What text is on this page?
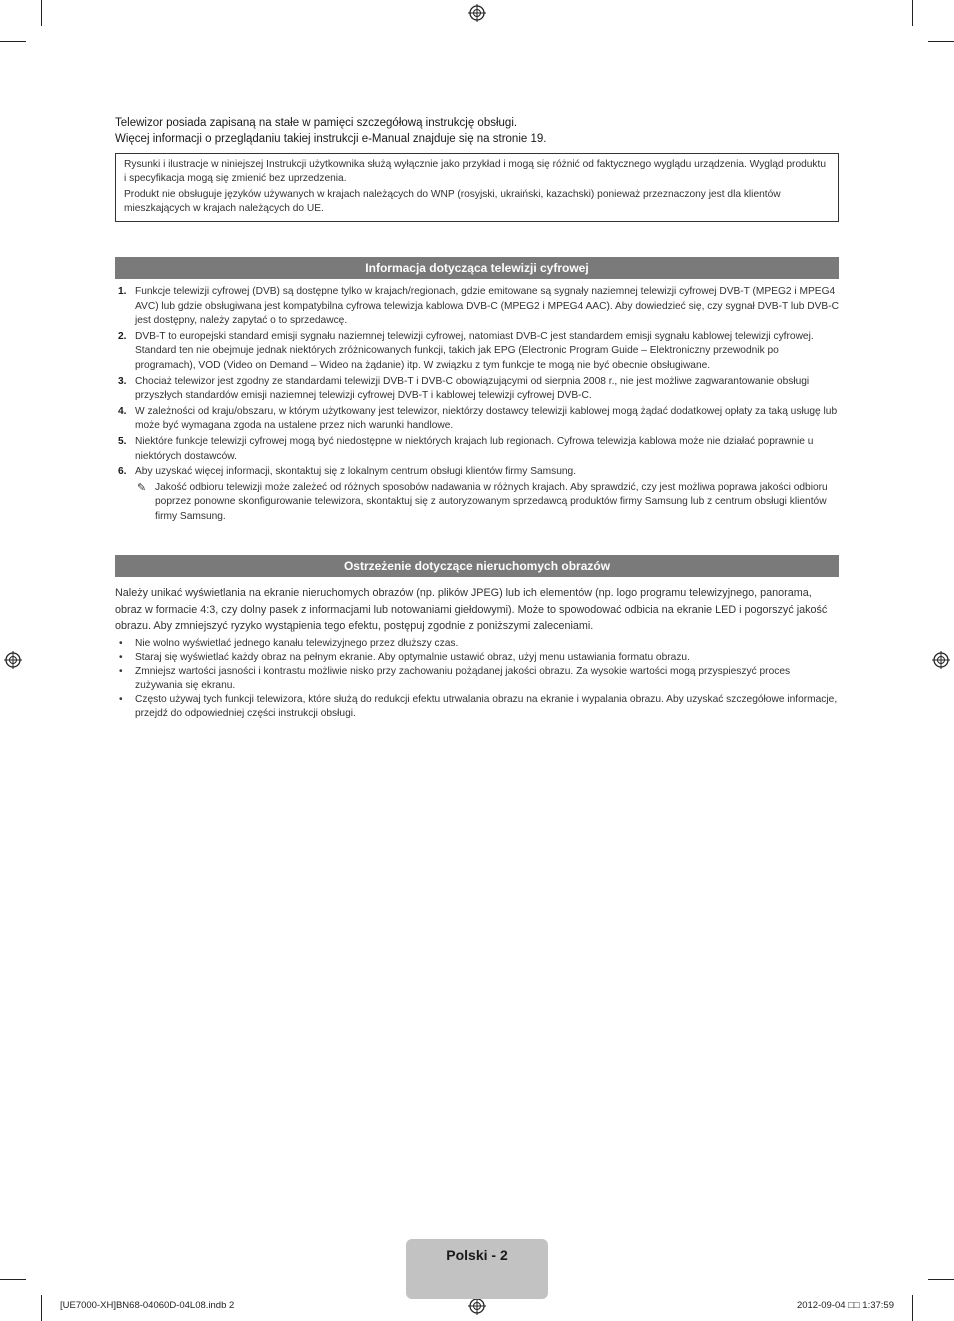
Telewizor posiada zapisaną na stałe w pamięci szczegółową instrukcję obsługi.

Więcej informacji o przeglądaniu takiej instrukcji e-Manual znajduje się na stronie 19.

Rysunki i ilustracje w niniejszej Instrukcji użytkownika służą wyłącznie jako przykład i mogą się różnić od faktycznego wyglądu urządzenia. Wygląd produktu i specyfikacja mogą się zmienić bez uprzedzenia.

Produkt nie obsługuje języków używanych w krajach należących do WNP (rosyjski, ukraiński, kazachski) ponieważ przeznaczony jest dla klientów mieszkających w krajach należących do UE.

Informacja dotycząca telewizji cyfrowej
1. Funkcje telewizji cyfrowej (DVB) są dostępne tylko w krajach/regionach, gdzie emitowane są sygnały naziemnej telewizji cyfrowej DVB-T (MPEG2 i MPEG4 AVC) lub gdzie obsługiwana jest kompatybilna cyfrowa telewizja kablowa DVB-C (MPEG2 i MPEG4 AAC). Aby dowiedzieć się, czy sygnał DVB-T lub DVB-C jest dostępny, należy zapytać o to sprzedawcę.
2. DVB-T to europejski standard emisji sygnału naziemnej telewizji cyfrowej, natomiast DVB-C jest standardem emisji sygnału kablowej telewizji cyfrowej. Standard ten nie obejmuje jednak niektórych zróżnicowanych funkcji, takich jak EPG (Electronic Program Guide – Elektroniczny przewodnik po programach), VOD (Video on Demand – Wideo na żądanie) itp. W związku z tym funkcje te mogą nie być obecnie obsługiwane.
3. Chociaż telewizor jest zgodny ze standardami telewizji DVB-T i DVB-C obowiązującymi od sierpnia 2008 r., nie jest możliwe zagwarantowanie obsługi przyszłych standardów emisji naziemnej telewizji cyfrowej DVB-T i kablowej telewizji cyfrowej DVB-C.
4. W zależności od kraju/obszaru, w którym użytkowany jest telewizor, niektórzy dostawcy telewizji kablowej mogą żądać dodatkowej opłaty za taką usługę lub może być wymagana zgoda na ustalene przez nich warunki handlowe.
5. Niektóre funkcje telewizji cyfrowej mogą być niedostępne w niektórych krajach lub regionach. Cyfrowa telewizja kablowa może nie działać poprawnie u niektórych dostawców.
6. Aby uzyskać więcej informacji, skontaktuj się z lokalnym centrum obsługi klientów firmy Samsung.
✎ Jakość odbioru telewizji może zależeć od różnych sposobów nadawania w różnych krajach. Aby sprawdzić, czy jest możliwa poprawa jakości odbioru poprzez ponowne skonfigurowanie telewizora, skontaktuj się z autoryzowanym sprzedawcą produktów firmy Samsung lub z centrum obsługi klientów firmy Samsung.
Ostrzeżenie dotyczące nieruchomych obrazów

Należy unikać wyświetlania na ekranie nieruchomych obrazów (np. plików JPEG) lub ich elementów (np. logo programu telewizyjnego, panorama, obraz w formacie 4:3, czy dolny pasek z informacjami lub notowaniami giełdowymi). Może to spowodować odbicia na ekranie LED i pogorszyć jakość obrazu. Aby zmniejszyć ryzyko wystąpienia tego efektu, postępuj zgodnie z poniższymi zaleceniami.

• Nie wolno wyświetlać jednego kanału telewizyjnego przez dłuższy czas.
• Staraj się wyświetlać każdy obraz na pełnym ekranie. Aby optymalnie ustawić obraz, użyj menu ustawiania formatu obrazu.
• Zmniejsz wartości jasności i kontrastu możliwie nisko przy zachowaniu pożądanej jakości obrazu. Za wysokie wartości mogą przyspieszyć proces zużywania się ekranu.
• Często używaj tych funkcji telewizora, które służą do redukcji efektu utrwalania obrazu na ekranie i wypalania obrazu. Aby uzyskać szczegółowe informacje, przejdź do odpowiedniej części instrukcji obsługi.
Polski - 2
[UE7000-XH]BN68-04060D-04L08.indb 2	2012-09-04 □□ 1:37:59
